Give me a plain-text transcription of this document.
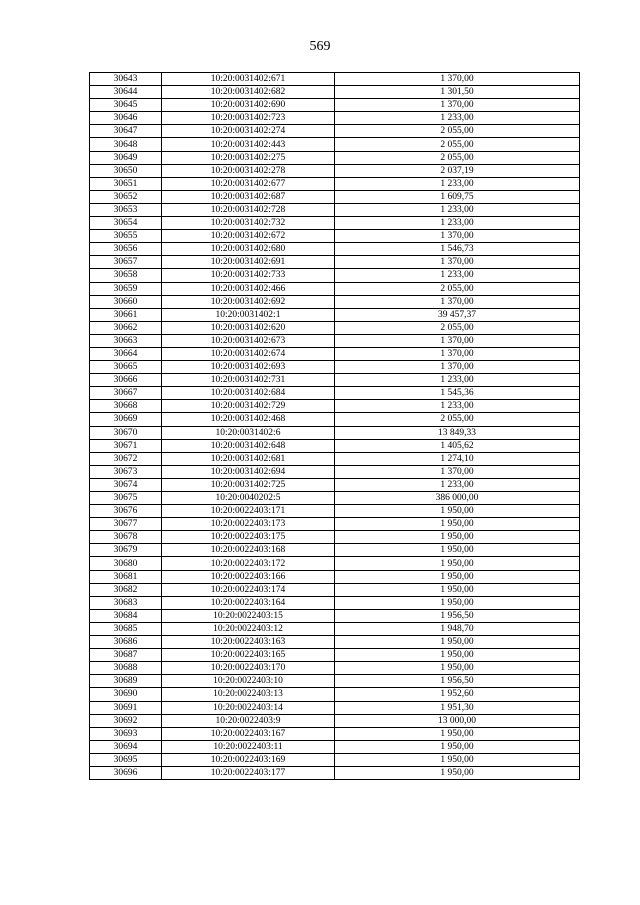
569
30643	10:20:0031402:671	1 370,00
30644	10:20:0031402:682	1 301,50
30645	10:20:0031402:690	1 370,00
30646	10:20:0031402:723	1 233,00
30647	10:20:0031402:274	2 055,00
30648	10:20:0031402:443	2 055,00
30649	10:20:0031402:275	2 055,00
30650	10:20:0031402:278	2 037,19
30651	10:20:0031402:677	1 233,00
30652	10:20:0031402:687	1 609,75
30653	10:20:0031402:728	1 233,00
30654	10:20:0031402:732	1 233,00
30655	10:20:0031402:672	1 370,00
30656	10:20:0031402:680	1 546,73
30657	10:20:0031402:691	1 370,00
30658	10:20:0031402:733	1 233,00
30659	10:20:0031402:466	2 055,00
30660	10:20:0031402:692	1 370,00
30661	10:20:0031402:1	39 457,37
30662	10:20:0031402:620	2 055,00
30663	10:20:0031402:673	1 370,00
30664	10:20:0031402:674	1 370,00
30665	10:20:0031402:693	1 370,00
30666	10:20:0031402:731	1 233,00
30667	10:20:0031402:684	1 545,36
30668	10:20:0031402:729	1 233,00
30669	10:20:0031402:468	2 055,00
30670	10:20:0031402:6	13 849,33
30671	10:20:0031402:648	1 405,62
30672	10:20:0031402:681	1 274,10
30673	10:20:0031402:694	1 370,00
30674	10:20:0031402:725	1 233,00
30675	10:20:0040202:5	386 000,00
30676	10:20:0022403:171	1 950,00
30677	10:20:0022403:173	1 950,00
30678	10:20:0022403:175	1 950,00
30679	10:20:0022403:168	1 950,00
30680	10:20:0022403:172	1 950,00
30681	10:20:0022403:166	1 950,00
30682	10:20:0022403:174	1 950,00
30683	10:20:0022403:164	1 950,00
30684	10:20:0022403:15	1 956,50
30685	10:20:0022403:12	1 948,70
30686	10:20:0022403:163	1 950,00
30687	10:20:0022403:165	1 950,00
30688	10:20:0022403:170	1 950,00
30689	10:20:0022403:10	1 956,50
30690	10:20:0022403:13	1 952,60
30691	10:20:0022403:14	1 951,30
30692	10:20:0022403:9	13 000,00
30693	10:20:0022403:167	1 950,00
30694	10:20:0022403:11	1 950,00
30695	10:20:0022403:169	1 950,00
30696	10:20:0022403:177	1 950,00
